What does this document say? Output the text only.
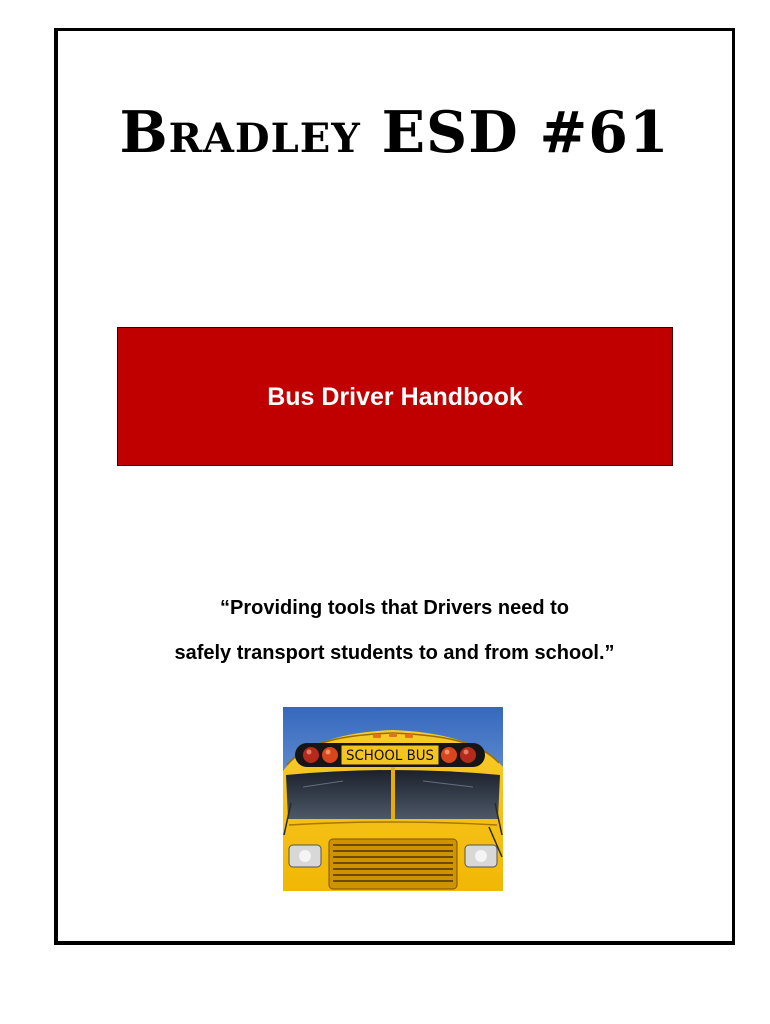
Bradley ESD #61
Bus Driver Handbook
“Providing tools that Drivers need to
safely transport students to and from school.”
SCHOOL BUS
